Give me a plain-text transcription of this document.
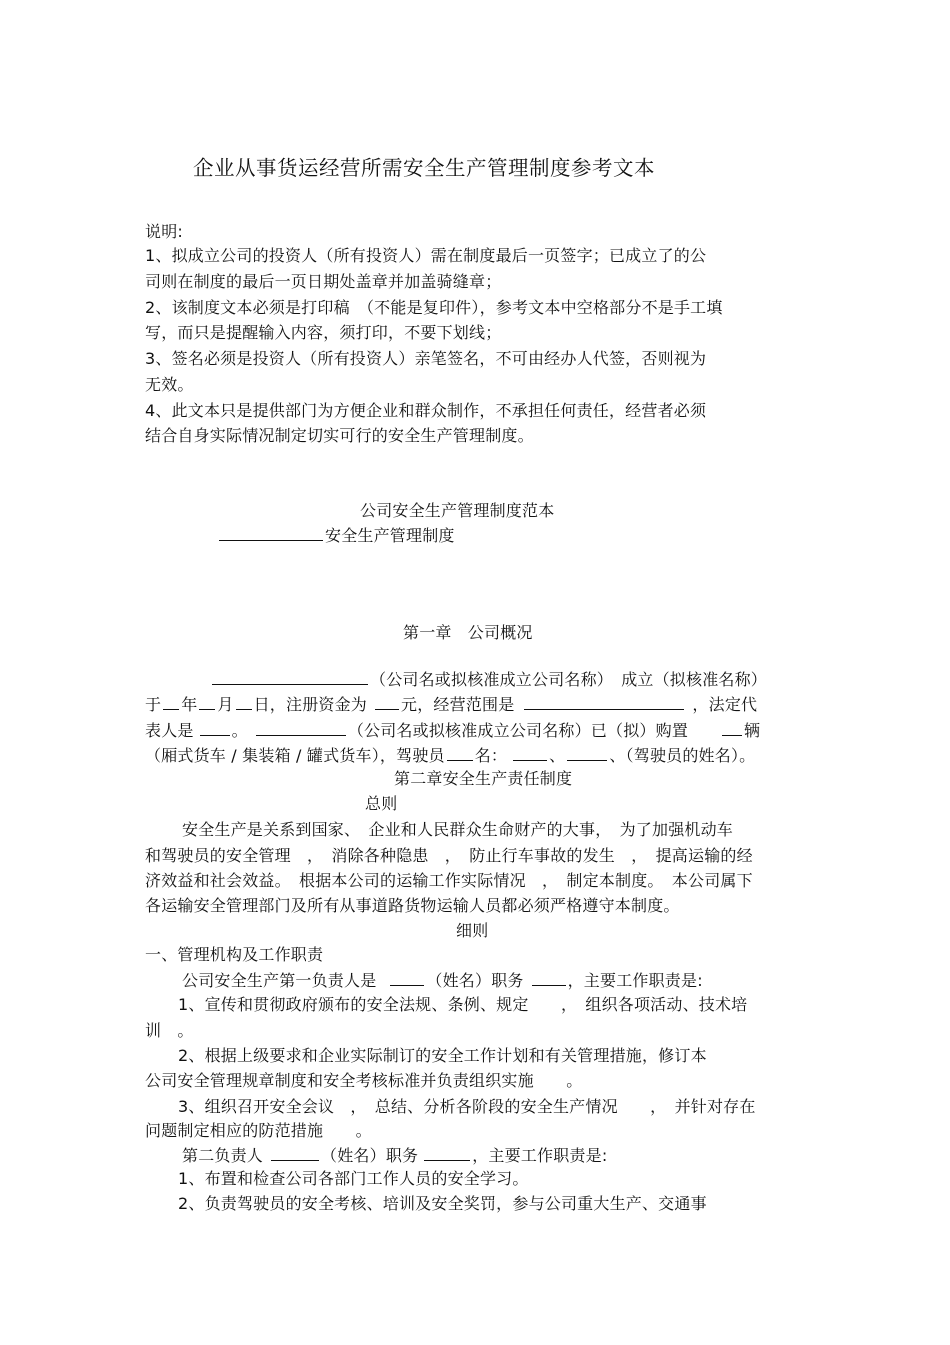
企业从事货运经营所需安全生产管理制度参考文本
说明:
1、拟成立公司的投资人（所有投资人）需在制度最后一页签字；已成立了的公
司则在制度的最后一页日期处盖章并加盖骑缝章；
2、该制度文本必须是打印稿　（不能是复印件），参考文本中空格部分不是手工填
写，而只是提醒输入内容，须打印，不要下划线；
3、签名必须是投资人（所有投资人）亲笔签名，不可由经办人代签，否则视为
无效。
4、此文本只是提供部门为方便企业和群众制作，不承担任何责任，经营者必须
结合自身实际情况制定切实可行的安全生产管理制度。
公司安全生产管理制度范本
安全生产管理制度
第一章　公司概况
（公司名或拟核准成立公司名称）　成立（拟核准名称）
于 年 月 日，注册资金为 元，经营范围是	，法定代
表人是 。	（公司名或拟核准成立公司名称）已（拟）购置	辆
（厢式货车 / 集装箱 / 罐式货车），驾驶员 名：	、	、（驾驶员的姓名）。
第二章安全生产责任制度
总则
安全生产是关系到国家、　企业和人民群众生命财产的大事，　为了加强机动车
和驾驶员的安全管理　，　消除各种隐患　，　防止行车事故的发生　，　提高运输的经
济效益和社会效益。　根据本公司的运输工作实际情况　，　制定本制度。　本公司属下
各运输安全管理部门及所有从事道路货物运输人员都必须严格遵守本制度。
细则
一、管理机构及工作职责
公司安全生产第一负责人是	（姓名）职务	，主要工作职责是:
1、宣传和贯彻政府颁布的安全法规、条例、规定　　，　组织各项活动、技术培
训　。
2、根据上级要求和企业实际制订的安全工作计划和有关管理措施，修订本
公司安全管理规章制度和安全考核标准并负责组织实施　　。
3、组织召开安全会议　，　总结、分析各阶段的安全生产情况　　，　并针对存在
问题制定相应的防范措施　　。
第二负责人	（姓名）职务	，主要工作职责是:
1、布置和检查公司各部门工作人员的安全学习。
2、负责驾驶员的安全考核、培训及安全奖罚，参与公司重大生产、交通事
